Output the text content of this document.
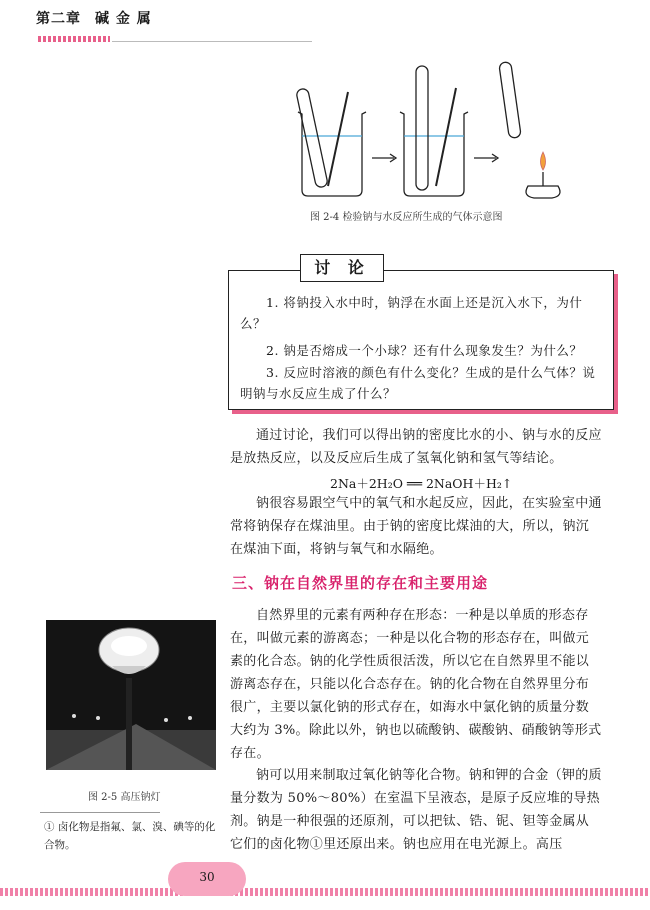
第二章 碱 金 属
图 2-4 检验钠与水反应所生成的气体示意图
讨 论
1. 将钠投入水中时，钠浮在水面上还是沉入水下，为什么？
2. 钠是否熔成一个小球？还有什么现象发生？为什么？
3. 反应时溶液的颜色有什么变化？生成的是什么气体？说明钠与水反应生成了什么？

通过讨论，我们可以得出钠的密度比水的小、钠与水的反应是放热反应，以及反应后生成了氢氧化钠和氢气等结论。

2Na＋2H₂O ══ 2NaOH＋H₂↑

钠很容易跟空气中的氧气和水起反应，因此，在实验室中通常将钠保存在煤油里。由于钠的密度比煤油的大，所以，钠沉在煤油下面，将钠与氧气和水隔绝。

三、钠在自然界里的存在和主要用途

自然界里的元素有两种存在形态：一种是以单质的形态存在，叫做元素的游离态；一种是以化合物的形态存在，叫做元素的化合态。钠的化学性质很活泼，所以它在自然界里不能以游离态存在，只能以化合态存在。钠的化合物在自然界里分布很广，主要以氯化钠的形式存在，如海水中氯化钠的质量分数大约为 3%。除此以外，钠也以硫酸钠、碳酸钠、硝酸钠等形式存在。

钠可以用来制取过氧化钠等化合物。钠和钾的合金（钾的质量分数为 50%～80%）在室温下呈液态，是原子反应堆的导热剂。钠是一种很强的还原剂，可以把钛、锆、铌、钽等金属从它们的卤化物①里还原出来。钠也应用在电光源上。高压

图 2-5 高压钠灯
① 卤化物是指氟、氯、溴、碘等的化合物。
30
